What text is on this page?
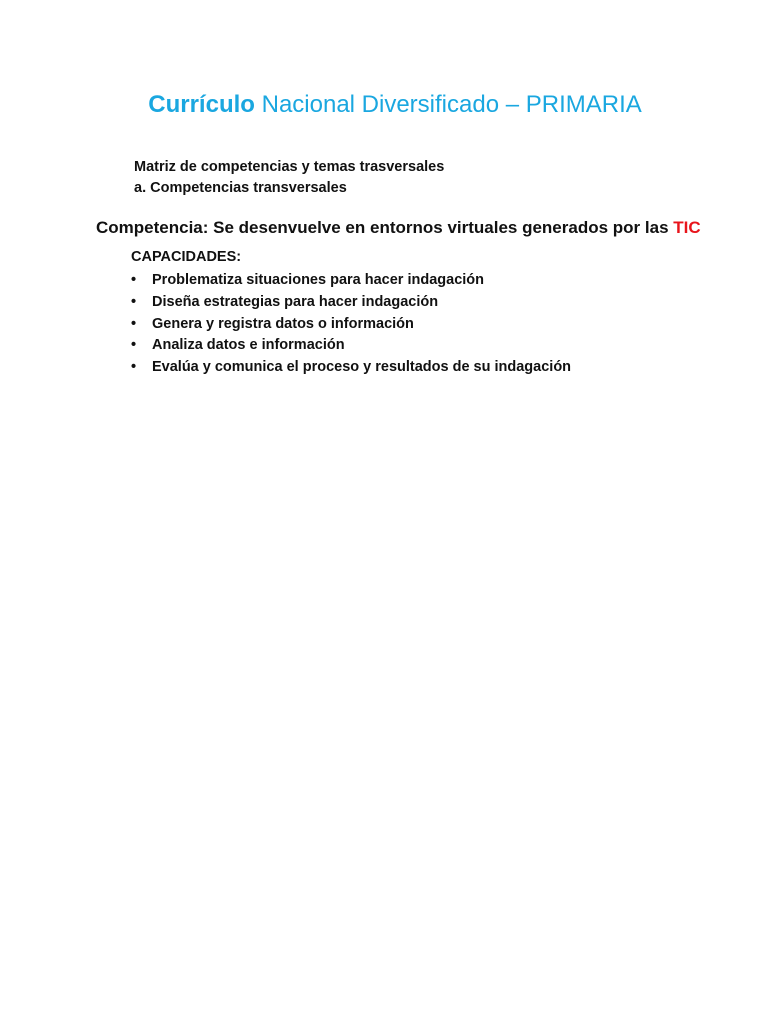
Currículo Nacional Diversificado – PRIMARIA
Matriz de competencias y temas trasversales
a. Competencias transversales
Competencia: Se desenvuelve en entornos virtuales generados por las TIC
CAPACIDADES:
• Problematiza situaciones para hacer indagación
• Diseña estrategias para hacer indagación
• Genera y registra datos o información
• Analiza datos e información
• Evalúa y comunica el proceso y resultados de su indagación
